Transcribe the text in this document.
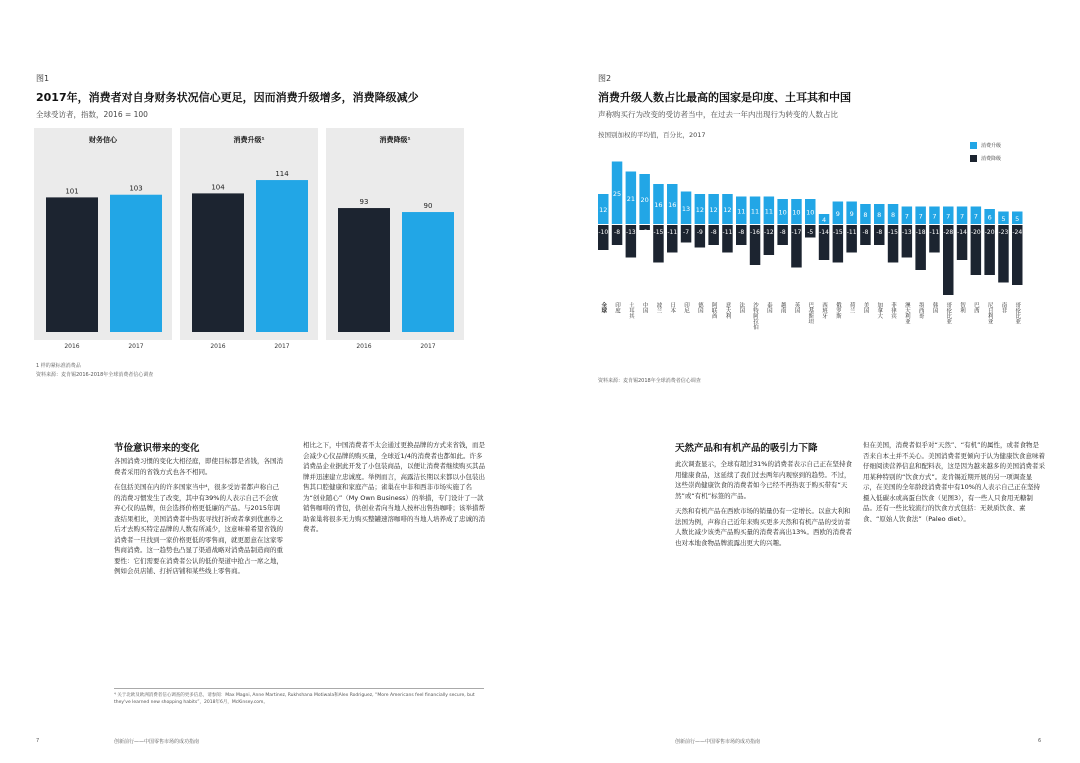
图1
2017年，消费者对自身财务状况信心更足，因而消费升级增多，消费降级减少
全球受访者，指数，2016 = 100
财务信心
101
2016
103
2017
消费升级¹
104
2016
114
2017
消费降级¹
93
2016
90
2017
1 样的紧标准消费品
资料来源：麦肯锡2016-2018年全球消费者信心调查
节俭意识带来的变化

各国消费习惯的变化大相径庭，即使目标都是省钱，各国消费者采用的省钱方式也各不相同。

在包括美国在内的许多国家当中⁴，很多受访者都声称自己的消费习惯发生了改变，其中有39%的人表示自己不会放弃心仪的品牌，但会选择价格更低廉的产品。与2015年调查结果相比，美国消费者中热衷寻找打折或者拿到优惠券之后才去购买特定品牌的人数有所减少，这意味着希望省钱的消费者一旦找到一家价格更低的零售商，就更愿意在这家零售商消费。这一趋势也凸显了渠道战略对消费品制造商的重要性：它们需要在消费者公认的低价渠道中抢占一席之地，例如会员店铺、打折店铺和某些线上零售商。

相比之下，中国消费者不太会通过更换品牌的方式来省钱，而是会减少心仪品牌的购买量，全球近1/4的消费者也都如此。许多消费品企业据此开发了小包装商品，以便让消费者继续购买其品牌并迅速建立忠诚度。举例而言，高露洁长期以来都以小包装出售其口腔健康和家庭产品；雀巢在中非和西非市场实施了名为“创业随心”（My Own Business）的举措，专门设计了一款销售咖啡的背包，供创业者向当地人按杯出售热咖啡；该举措帮助雀巢将很多无力购买整罐速溶咖啡的当地人培养成了忠诚的消费者。

⁴ 关于北欧及欧洲消费者信心调查的更多信息，请参阅：Max Magni, Anne Martinez, Rukhshana Motiwala和Alex Rodriguez, “More Americans feel financially secure, but they've learned new shopping habits”，2018年6月，McKinsey.com。
7	创新前行——中国零售市场的成功指南
图2
消费升级人数占比最高的国家是印度、土耳其和中国
声称购买行为改变的受访者当中，在过去一年内出现行为转变的人数占比
按国别加权的平均值，百分比，2017
消费升级
消费降级
12
-10
全球
25
-8
印度
21
-13
土耳其
20
-2
中国
16
-15
波兰
16
-11
日本
13
-7
印尼
12
-9
德国
12
-8
阿联酋
12
-11
意大利
11
-8
法国
11
-16
沙特阿拉伯
11
-12
泰国
10
-8
越南
10
-17
英国
10
-5
巴基斯坦
4
-14
西班牙
9
-15
俄罗斯
9
-11
荷兰
8
-8
美国
8
-8
加拿大
8
-15
菲律宾
7
-13
澳大利亚
7
-18
墨西哥
7
-11
韩国
7
-28
哥伦比亚
7
-14
智利
7
-20
巴西
6
-20
尼日利亚
5
-23
南非
5
-24
哥伦比亚
资料来源：麦肯锡2018年全球消费者信心调查
天然产品和有机产品的吸引力下降

此次调查显示，全球有超过31%的消费者表示自己正在坚持食用健康食品，这延续了我们过去两年内观察到的趋势。不过，这些崇尚健康饮食的消费者如今已经不再热衷于购买带有“天然”或“有机”标签的产品。

天然和有机产品在西欧市场的销量仍有一定增长。以意大利和法国为例，声称自己近年来购买更多天然和有机产品的受访者人数比减少该类产品购买量的消费者高出13%。西欧的消费者也对本地食物品牌流露出更大的兴趣。

但在美国，消费者似乎对“天然”、“有机”的属性，或者食物是否来自本土并不关心。美国消费者更倾向于认为健康饮食意味着仔细阅读营养信息和配料表，这是因为越来越多的美国消费者采用某种特别的“饮食方式”。麦肯锡近期开展的另一项调查显示，在美国的全年龄段消费者中有10%的人表示自己正在坚持摄入低碳水或高蛋白饮食（见图3），有一些人只食用无糖制品。还有一些比较流行的饮食方式包括：无麸质饮食、素食、“原始人饮食法”（Paleo diet）。

创新前行——中国零售市场的成功指南	6
